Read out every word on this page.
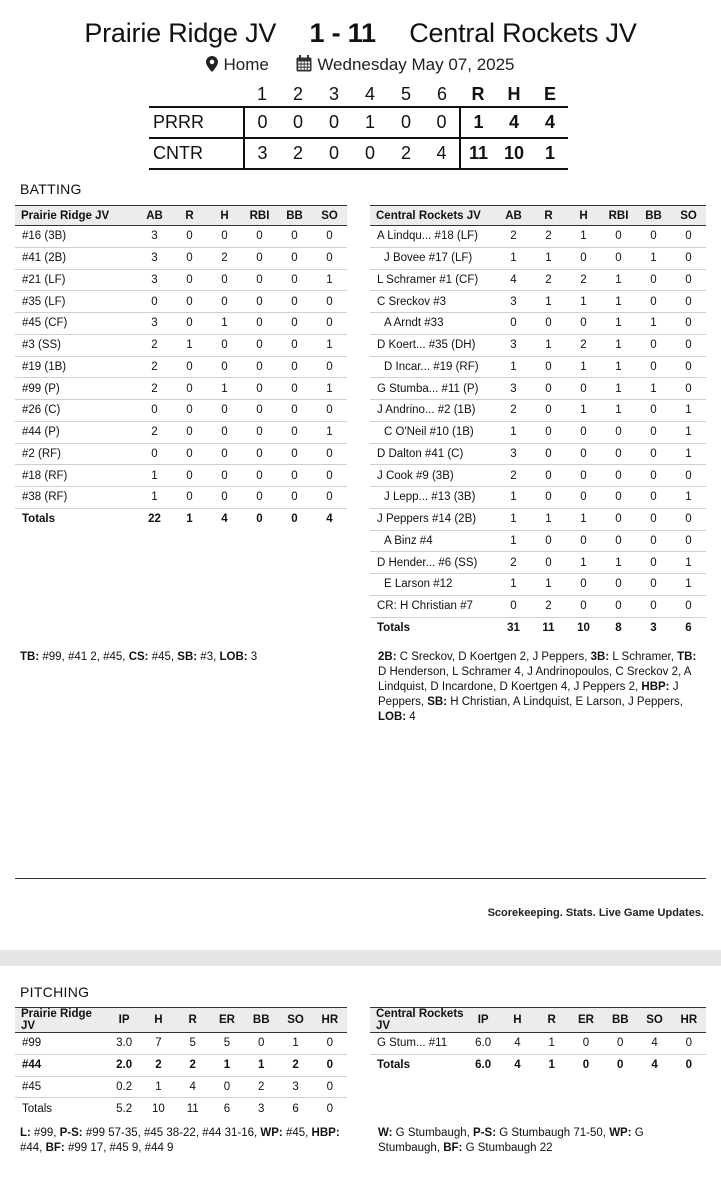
Prairie Ridge JV 1 - 11 Central Rockets JV
Home	Wednesday May 07, 2025
	1	2	3	4	5	6	R	H	E
PRRR	0	0	0	1	0	0	1	4	4
CNTR	3	2	0	0	2	4	11	10	1
BATTING
Prairie Ridge JV	AB	R	H	RBI	BB	SO
#16 (3B)	3	0	0	0	0	0
#41 (2B)	3	0	2	0	0	0
#21 (LF)	3	0	0	0	0	1
#35 (LF)	0	0	0	0	0	0
#45 (CF)	3	0	1	0	0	0
#3 (SS)	2	1	0	0	0	1
#19 (1B)	2	0	0	0	0	0
#99 (P)	2	0	1	0	0	1
#26 (C)	0	0	0	0	0	0
#44 (P)	2	0	0	0	0	1
#2 (RF)	0	0	0	0	0	0
#18 (RF)	1	0	0	0	0	0
#38 (RF)	1	0	0	0	0	0
Totals	22	1	4	0	0	4
Central Rockets JV	AB	R	H	RBI	BB	SO
A Lindqu... #18 (LF)	2	2	1	0	0	0
J Bovee #17 (LF)	1	1	0	0	1	0
L Schramer #1 (CF)	4	2	2	1	0	0
C Sreckov #3	3	1	1	1	0	0
A Arndt #33	0	0	0	1	1	0
D Koert... #35 (DH)	3	1	2	1	0	0
D Incar... #19 (RF)	1	0	1	1	0	0
G Stumba... #11 (P)	3	0	0	1	1	0
J Andrino... #2 (1B)	2	0	1	1	0	1
C O'Neil #10 (1B)	1	0	0	0	0	1
D Dalton #41 (C)	3	0	0	0	0	1
J Cook #9 (3B)	2	0	0	0	0	0
J Lepp... #13 (3B)	1	0	0	0	0	1
J Peppers #14 (2B)	1	1	1	0	0	0
A Binz #4	1	0	0	0	0	0
D Hender... #6 (SS)	2	0	1	1	0	1
E Larson #12	1	1	0	0	0	1
CR: H Christian #7	0	2	0	0	0	0
Totals	31	11	10	8	3	6
TB: #99, #41 2, #45, CS: #45, SB: #3, LOB: 3	2B: C Sreckov, D Koertgen 2, J Peppers, 3B: L Schramer, TB: D Henderson, L Schramer 4, J Andrinopoulos, C Sreckov 2, A Lindquist, D Incardone, D Koertgen 4, J Peppers 2, HBP: J Peppers, SB: H Christian, A Lindquist, E Larson, J Peppers, LOB: 4
Scorekeeping. Stats. Live Game Updates.
PITCHING
Prairie Ridge JV	IP	H	R	ER	BB	SO	HR
#99	3.0	7	5	5	0	1	0
#44	2.0	2	2	1	1	2	0
#45	0.2	1	4	0	2	3	0
Totals	5.2	10	11	6	3	6	0
Central Rockets JV	IP	H	R	ER	BB	SO	HR
G Stum... #11	6.0	4	1	0	0	4	0
Totals	6.0	4	1	0	0	4	0
L: #99, P-S: #99 57-35, #45 38-22, #44 31-16, WP: #45, HBP: #44, BF: #99 17, #45 9, #44 9
W: G Stumbaugh, P-S: G Stumbaugh 71-50, WP: G Stumbaugh, BF: G Stumbaugh 22
